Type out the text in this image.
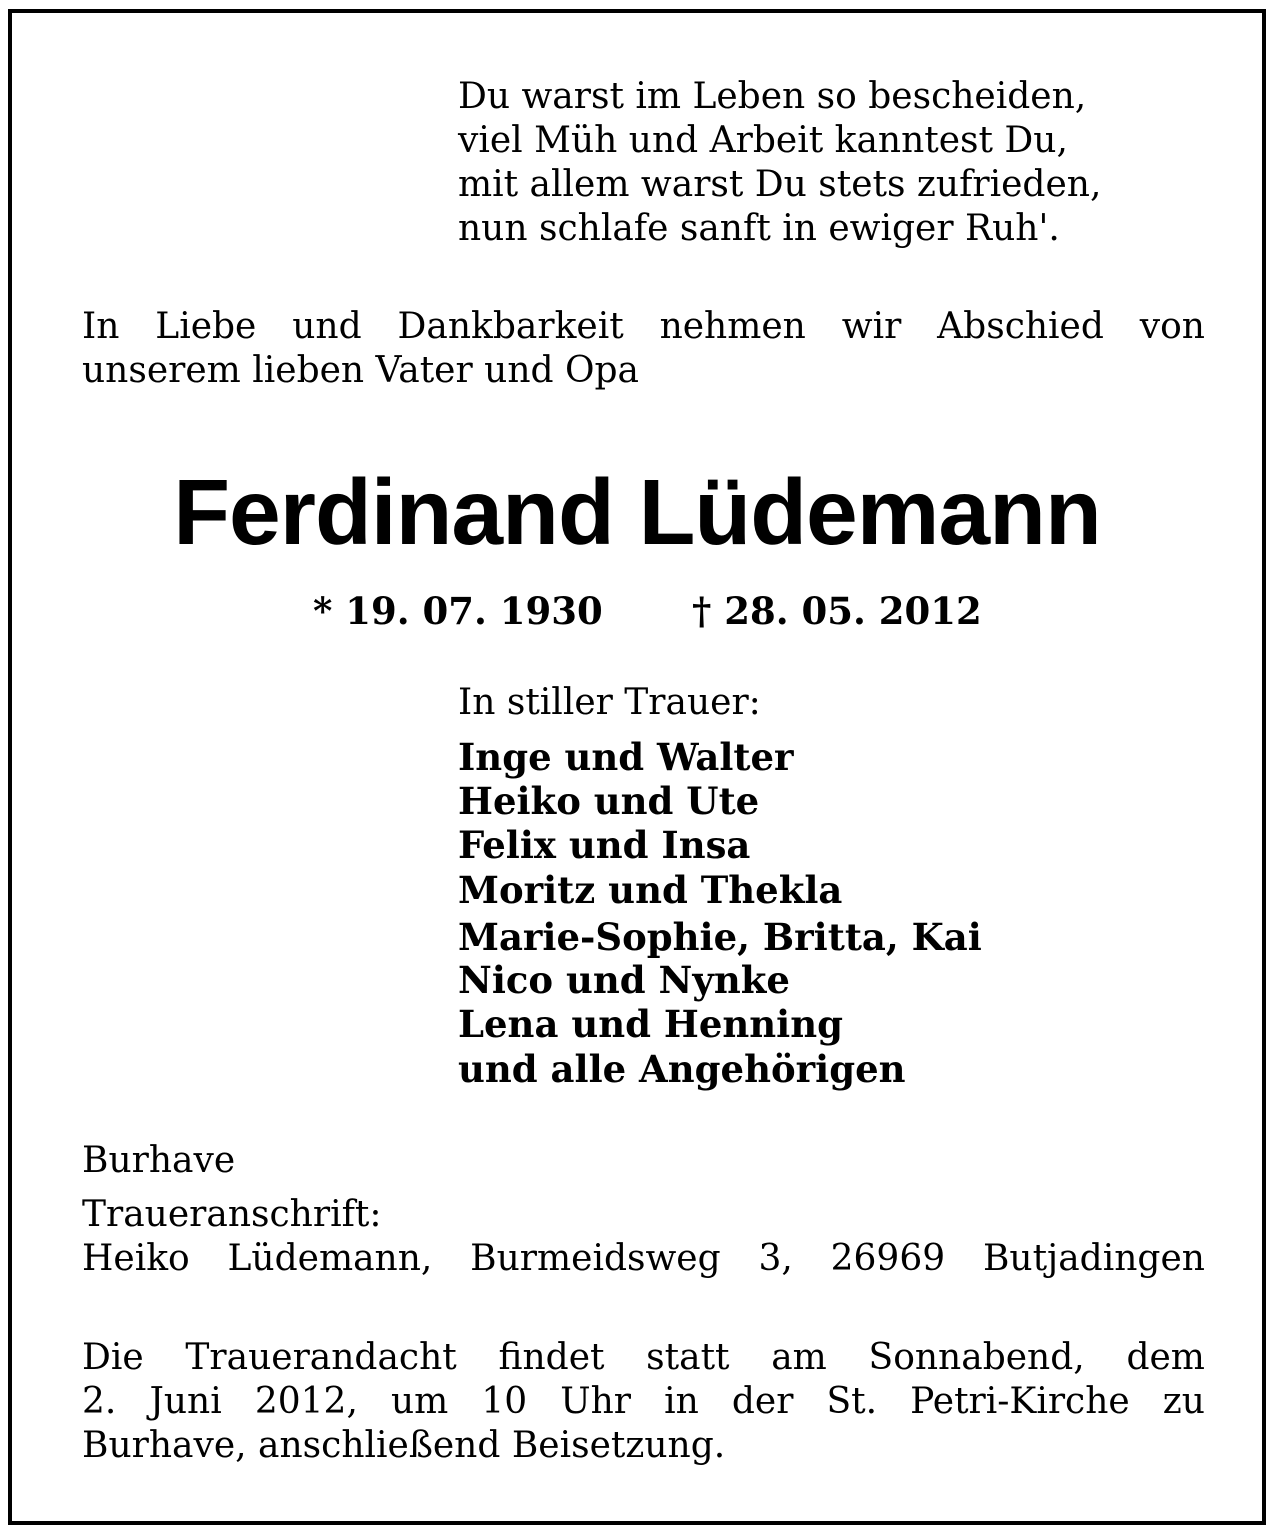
Du warst im Leben so bescheiden,
viel Müh und Arbeit kanntest Du,
mit allem warst Du stets zufrieden,
nun schlafe sanft in ewiger Ruh'.
In Liebe und Dankbarkeit nehmen wir Abschied von
unserem lieben Vater und Opa
Ferdinand Lüdemann
* 19. 07. 1930 † 28. 05. 2012
In stiller Trauer:
Inge und Walter
Heiko und Ute
Felix und Insa
Moritz und Thekla
Marie-Sophie, Britta, Kai
Nico und Nynke
Lena und Henning
und alle Angehörigen
Burhave
Traueranschrift:
Heiko Lüdemann, Burmeidsweg 3, 26969 Butjadingen
Die Trauerandacht findet statt am Sonnabend, dem
2. Juni 2012, um 10 Uhr in der St. Petri-Kirche zu
Burhave, anschließend Beisetzung.
